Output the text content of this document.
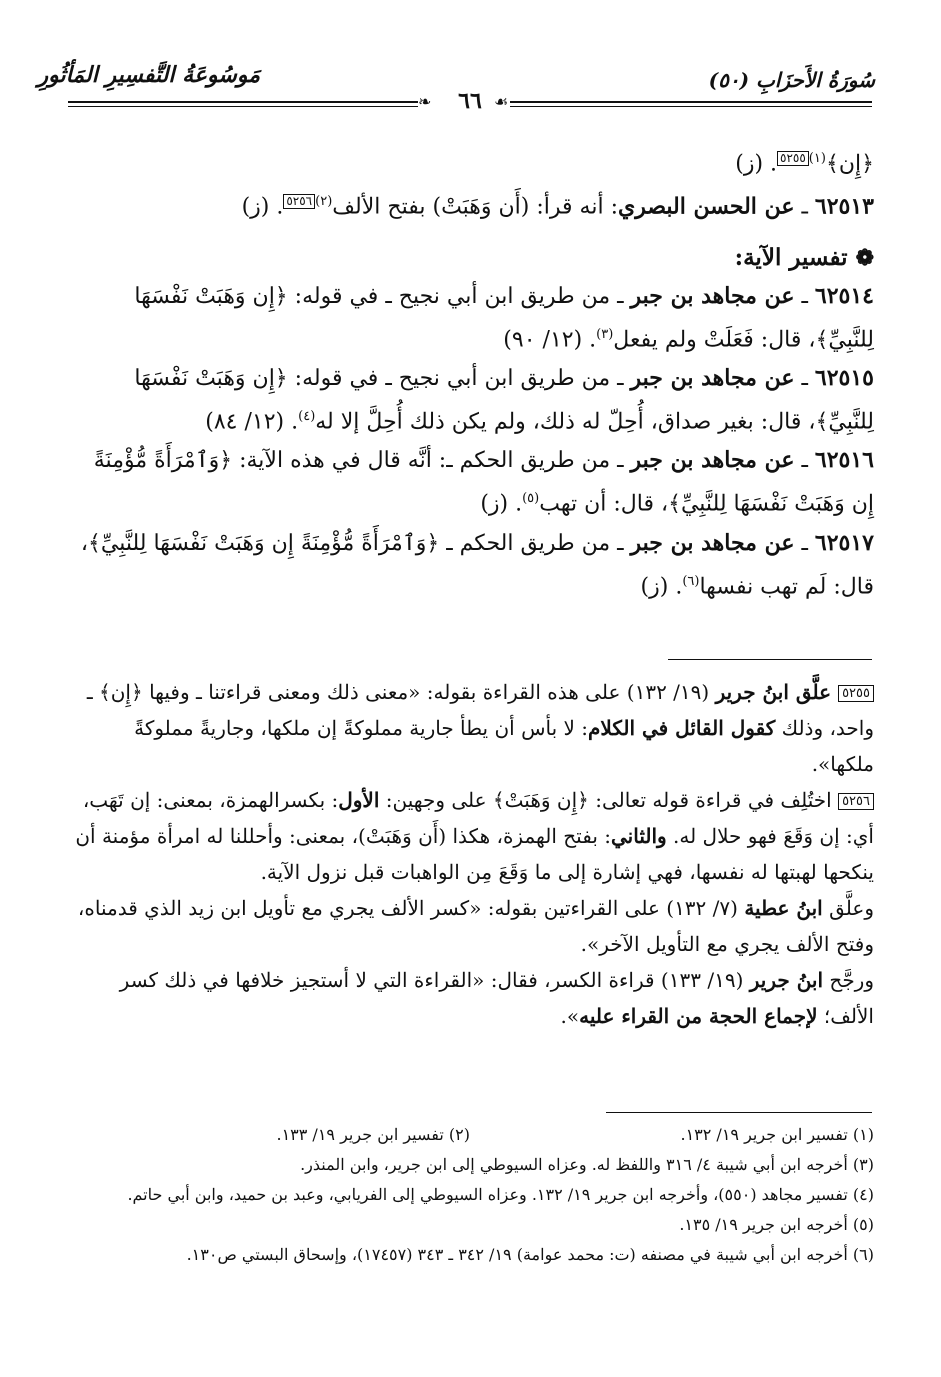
مَوسُوعَةُ التَّفسِيرِ المَأثُورِ	سُورَةُ الأَحزَابِ (٥٠)
❧	☙
٦٦

﴿إِن﴾$^{(١)}$٥٢٥٥. (ز)

٦٢٥١٣ ـ عن الحسن البصري: أنه قرأ: (أَن وَهَبَتْ) بفتح الألف$^{(٢)}$٥٢٥٦. (ز)

❁ تفسير الآية:

٦٢٥١٤ ـ عن مجاهد بن جبر ـ من طريق ابن أبي نجيح ـ في قوله: ﴿إِن وَهَبَتْ نَفْسَهَا لِلنَّبِيِّ﴾، قال: فَعَلَتْ ولم يفعل$^{(٣)}$. (١٢/ ٩٠)

٦٢٥١٥ ـ عن مجاهد بن جبر ـ من طريق ابن أبي نجيح ـ في قوله: ﴿إِن وَهَبَتْ نَفْسَهَا لِلنَّبِيِّ﴾، قال: بغير صداق، أُحِلّ له ذلك، ولم يكن ذلك أُحِلَّ إلا له$^{(٤)}$. (١٢/ ٨٤)

٦٢٥١٦ ـ عن مجاهد بن جبر ـ من طريق الحكم ـ: أنَّه قال في هذه الآية: ﴿وَٱمْرَأَةً مُّؤْمِنَةً إِن وَهَبَتْ نَفْسَهَا لِلنَّبِيِّ﴾، قال: أن تهب$^{(٥)}$. (ز)

٦٢٥١٧ ـ عن مجاهد بن جبر ـ من طريق الحكم ـ ﴿وَٱمْرَأَةً مُّؤْمِنَةً إِن وَهَبَتْ نَفْسَهَا لِلنَّبِيِّ﴾، قال: لَم تهب نفسها$^{(٦)}$. (ز)

٥٢٥٥ علَّق ابنُ جرير (١٩/ ١٣٢) على هذه القراءة بقوله: «معنى ذلك ومعنى قراءتنا ـ وفيها ﴿إِن﴾ ـ واحد، وذلك كقول القائل في الكلام: لا بأس أن يطأ جارية مملوكةً إن ملكها، وجاريةً مملوكةً ملكها».

٥٢٥٦ اختُلِف في قراءة قوله تعالى: ﴿إِن وَهَبَتْ﴾ على وجهين: الأول: بكسرالهمزة، بمعنى: إن تَهَب، أي: إن وَقَعَ فهو حلال له. والثاني: بفتح الهمزة، هكذا (أَن وَهَبَتْ)، بمعنى: وأحللنا له امرأة مؤمنة أن ينكحها لهبتها له نفسها، فهي إشارة إلى ما وَقَعَ مِن الواهبات قبل نزول الآية.

وعلَّق ابنُ عطية (٧/ ١٣٢) على القراءتين بقوله: «كسر الألف يجري مع تأويل ابن زيد الذي قدمناه، وفتح الألف يجري مع التأويل الآخر».

ورجَّح ابنُ جرير (١٩/ ١٣٣) قراءة الكسر، فقال: «القراءة التي لا أستجيز خلافها في ذلك كسر الألف؛ لإجماع الحجة من القراء عليه».

(١) تفسير ابن جرير ١٩/ ١٣٢.
(٢) تفسير ابن جرير ١٩/ ١٣٣.
(٣) أخرجه ابن أبي شيبة ٤/ ٣١٦ واللفظ له. وعزاه السيوطي إلى ابن جرير، وابن المنذر.
(٤) تفسير مجاهد (٥٥٠)، وأخرجه ابن جرير ١٩/ ١٣٢. وعزاه السيوطي إلى الفريابي، وعبد بن حميد، وابن أبي حاتم.
(٥) أخرجه ابن جرير ١٩/ ١٣٥.
(٦) أخرجه ابن أبي شيبة في مصنفه (ت: محمد عوامة) ١٩/ ٣٤٢ ـ ٣٤٣ (١٧٤٥٧)، وإسحاق البستي ص١٣٠.
